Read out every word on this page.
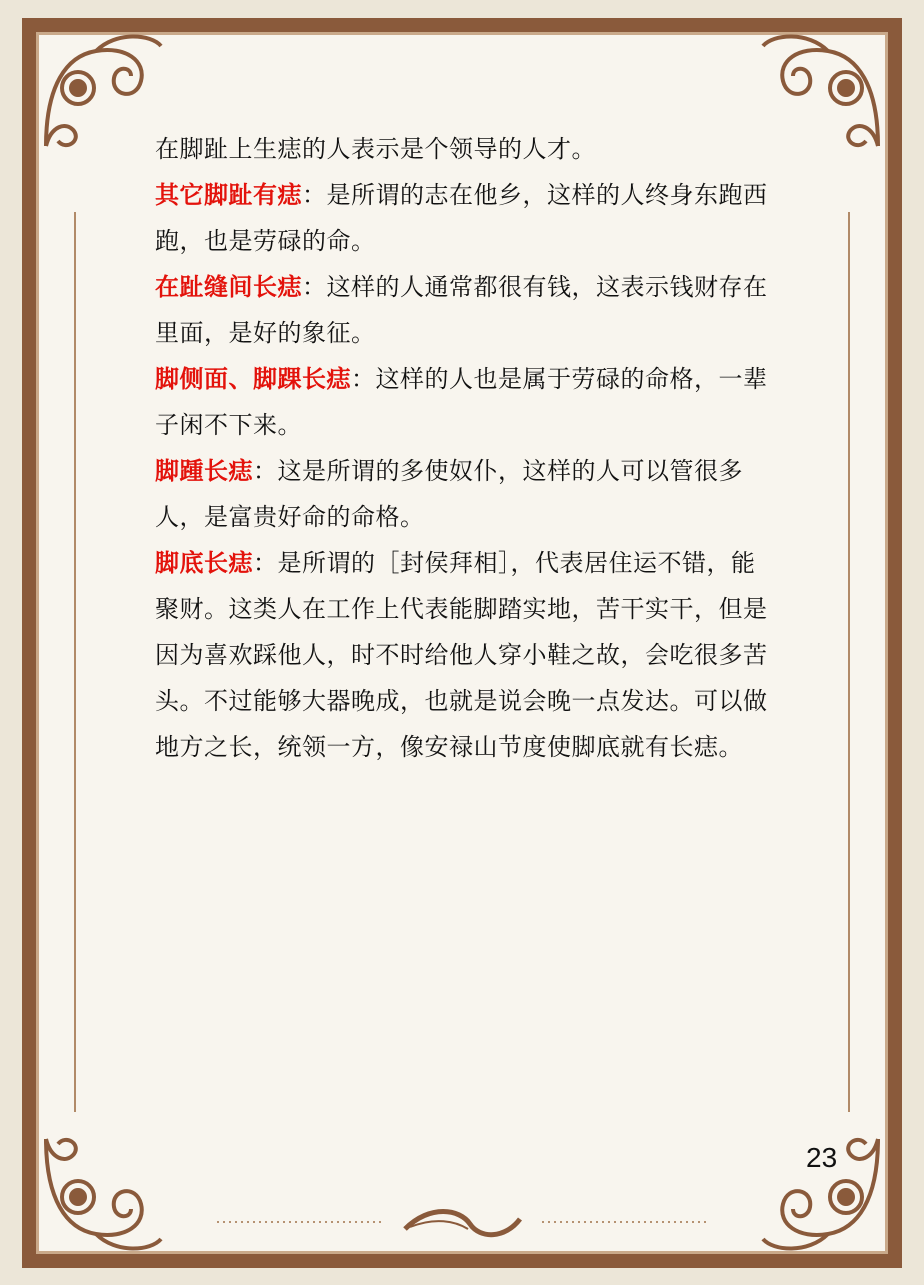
在脚趾上生痣的人表示是个领导的人才。

其它脚趾有痣：是所谓的志在他乡，这样的人终身东跑西跑，也是劳碌的命。

在趾缝间长痣：这样的人通常都很有钱，这表示钱财存在里面，是好的象征。

脚侧面、脚踝长痣：这样的人也是属于劳碌的命格，一辈子闲不下来。

脚踵长痣：这是所谓的多使奴仆，这样的人可以管很多人，是富贵好命的命格。

脚底长痣：是所谓的［封侯拜相］，代表居住运不错，能聚财。这类人在工作上代表能脚踏实地，苦干实干，但是因为喜欢踩他人，时不时给他人穿小鞋之故，会吃很多苦头。不过能够大器晚成，也就是说会晚一点发达。可以做地方之长，统领一方，像安禄山节度使脚底就有长痣。

23
